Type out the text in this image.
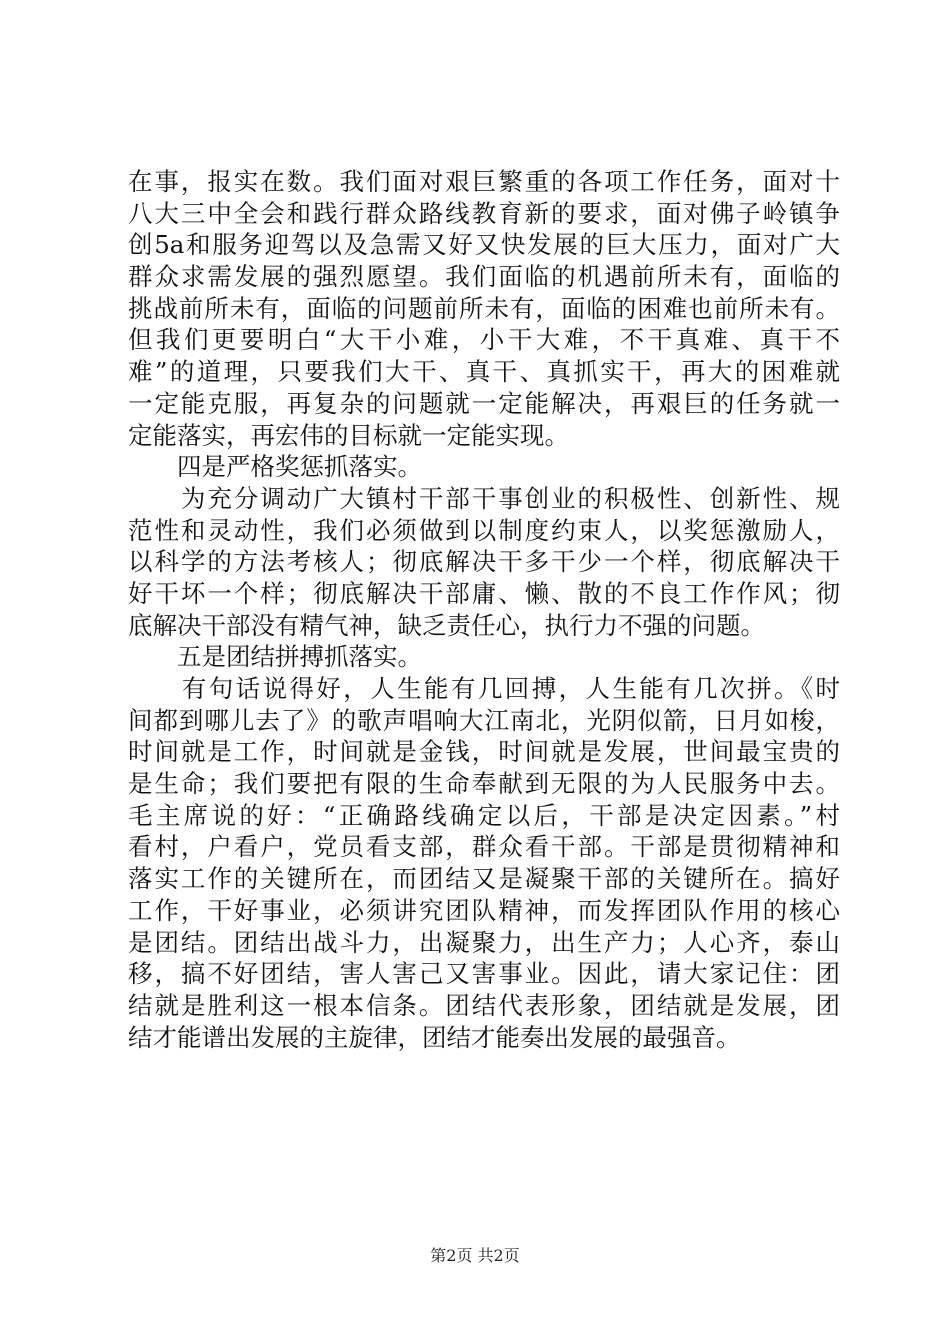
在事，报实在数。我们面对艰巨繁重的各项工作任务，面对十
八大三中全会和践行群众路线教育新的要求，面对佛子岭镇争
创5a和服务迎驾以及急需又好又快发展的巨大压力，面对广大
群众求需发展的强烈愿望。我们面临的机遇前所未有，面临的
挑战前所未有，面临的问题前所未有，面临的困难也前所未有。
但我们更要明白“大干小难，小干大难，不干真难、真干不
难”的道理，只要我们大干、真干、真抓实干，再大的困难就
一定能克服，再复杂的问题就一定能解决，再艰巨的任务就一
定能落实，再宏伟的目标就一定能实现。
　　四是严格奖惩抓落实。
　　为充分调动广大镇村干部干事创业的积极性、创新性、规
范性和灵动性，我们必须做到以制度约束人，以奖惩激励人，
以科学的方法考核人；彻底解决干多干少一个样，彻底解决干
好干坏一个样；彻底解决干部庸、懒、散的不良工作作风；彻
底解决干部没有精气神，缺乏责任心，执行力不强的问题。
　　五是团结拼搏抓落实。
　　有句话说得好，人生能有几回搏，人生能有几次拼。《时
间都到哪儿去了》的歌声唱响大江南北，光阴似箭，日月如梭，
时间就是工作，时间就是金钱，时间就是发展，世间最宝贵的
是生命；我们要把有限的生命奉献到无限的为人民服务中去。
毛主席说的好：“正确路线确定以后，干部是决定因素。”村
看村，户看户，党员看支部，群众看干部。干部是贯彻精神和
落实工作的关键所在，而团结又是凝聚干部的关键所在。搞好
工作，干好事业，必须讲究团队精神，而发挥团队作用的核心
是团结。团结出战斗力，出凝聚力，出生产力；人心齐，泰山
移，搞不好团结，害人害己又害事业。因此，请大家记住：团
结就是胜利这一根本信条。团结代表形象，团结就是发展，团
结才能谱出发展的主旋律，团结才能奏出发展的最强音。
第2页 共2页
